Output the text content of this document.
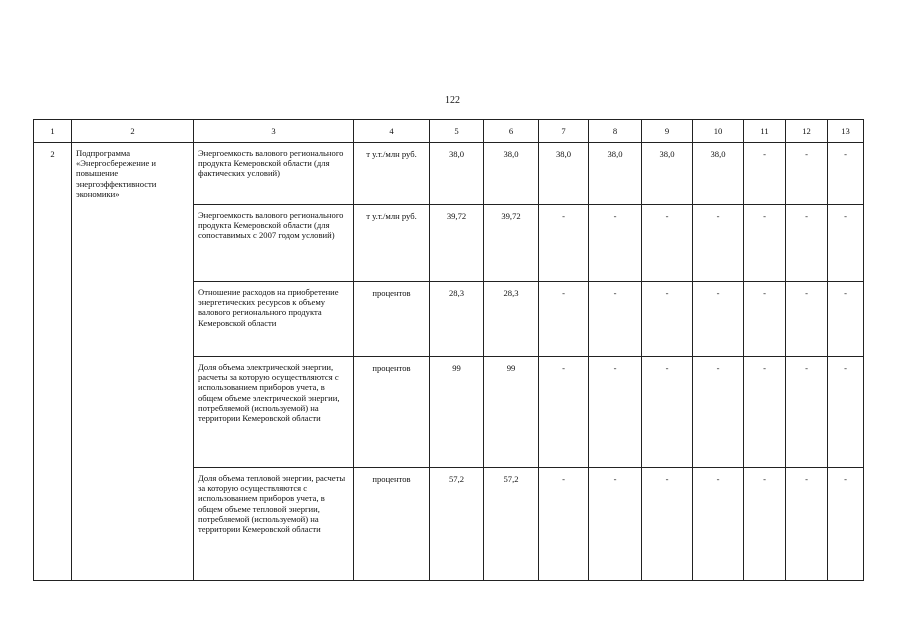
122
1	2	3	4	5	6	7	8	9	10	11	12	13
2	Подпрограмма «Энергосбережение и повышение энергоэффективности экономики»	Энергоемкость валового регионального продукта Кемеровской области (для фактических условий)	т у.т./млн руб.	38,0	38,0	38,0	38,0	38,0	38,0	-	-	-
		Энергоемкость валового регионального продукта Кемеровской области (для сопоставимых с 2007 годом условий)	т у.т./млн руб.	39,72	39,72	-	-	-	-	-	-	-
		Отношение расходов на приобретение энергетических ресурсов к объему валового регионального продукта Кемеровской области	процентов	28,3	28,3	-	-	-	-	-	-	-
		Доля объема электрической энергии, расчеты за которую осуществляются с использованием приборов учета, в общем объеме электрической энергии, потребляемой (используемой) на территории Кемеровской области	процентов	99	99	-	-	-	-	-	-	-
		Доля объема тепловой энергии, расчеты за которую осуществляются с использованием приборов учета, в общем объеме тепловой энергии, потребляемой (используемой) на территории Кемеровской области	процентов	57,2	57,2	-	-	-	-	-	-	-
